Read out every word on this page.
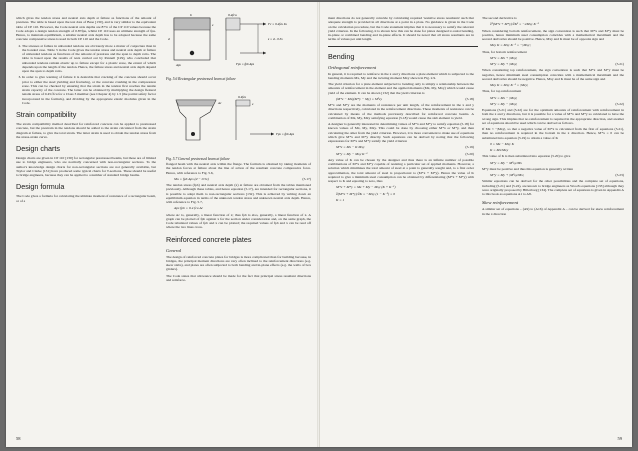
which gives the tendon stress and neutral axis depth at failure as functions of the amount of prestress. The table is based upon the test data of Base [130], and is very similar to the equivalent table of CP 110. However, the Code neutral axis depths are 87% of the CP 110 values because the Code adopts a design tendon strength of 0.87fpu, whilst CP 110 uses an ultimate strength of fpu. Hence, to maintain equilibrium, a smaller neutral axis depth has to be adopted because the same concrete compressive stress is used in both CP 110 and the Code.

2. The stresses at failure in unbonded tendons are obviously more a matter of conjecture than in the bonded case. Table 3 in the Code gives the tendon stress and neutral axis depth at failure of unbonded tendons as functions of the amount of prestress and the span to depth ratio. The table is based upon the results of tests carried out by Pannell [129], who concluded that unbonded tendons remain elastic up to failure except for a plastic zone, the extent of which depends upon the length of the tendon. Hence, the failure stress and neutral axis depth depend upon the span to depth ratio.
3. In order to give warning of failure it is desirable that cracking of the concrete should occur prior to either the steel yielding and fracturing, or the concrete crushing in the compression zone. This can be checked by ensuring that the strain in the tendon first reaches the tensile strain capacity of the concrete. The latter can be obtained by multiplying the design flexural tensile stress of 0.45√fcu for a Class 3 member (see Chapter 4) by 1.5 (the partial safety factor incorporated in the formula), and dividing by the appropriate elastic modulus given in the Code.
Strain compatibility

The strain compatibility method described for reinforced concrete can be applied to prestressed concrete, but the prestrain in the tendons should be added to the strain calculated from the strain diagram at failure, to give the total strain. The latter strain is used to obtain the tendon stress from the stress-strain curve.

Design charts

Design charts are given in CP 110 [130] for rectangular prestressed beams, but these are of limited use to bridge engineers, who are normally concerned with non-rectangular sections. To the author's knowledge design charts for non-rectangular sections are not generally available, but Taylor and Clarke [131] have produced some typical charts for T-sections. These should be useful to bridge engineers, because they can be applied to a number of standard bridge beams.

Design formula

The Code gives a formula for calculating the ultimate moment of resistance of a rectangular beam, or of a

b	0.4fcu
Fc = 0.4fcu bx
z = d - 0.5x
Aps	Fps = fpb Aps
d
x
Fig. 5.6 Rectangular prestressed beam at failure
0.4fcu
Ac	x
Fps = fpb Aps
Fig. 5.7 General prestressed beam at failure

flanged beam with the neutral axis within the flange. The formula is obtained by taking moments of the tendon forces at failure about the line of action of the resultant concrete compressive force. Hence, with reference to Fig. 5.6,

Mu = fpb Aps (d − 0.5x)	(5.17)

The tendon stress (fpb) and neutral axis depth (x) at failure are obtained from the tables mentioned previously. Although these tables, and hence equation (5.17), are intended for rectangular sections, it is possible to adapt them to non-rectangular sections [132]. This is achieved by writing down an equilibrium equation in terms of the unknown tendon stress and unknown neutral axis depth. Hence, with reference to Fig. 5.7,

Aps fpb = 0.4 fcu Ac

where Ac is, generally, a linear function of x; thus fpb is also, generally, a linear function of x. A graph can be plotted of fpb against x for the section under consideration and, on the same graph, the Code tabulated values of fpb and x can be plotted; the required values of fpb and x can be read off where the two lines cross.

Reinforced concrete plates
General

The design of reinforced concrete plates for bridges is more complicated than for building because, in bridges, the principal moment directions are very often inclined to the reinforcement directions (e.g. skew slabs), and plates are often subjected to both bending and in-plane effects (e.g. the walls of box girders).

The Code states that allowance should be made for the fact that principal stress resultant directions and reinforce-

58

ment directions do not generally coincide by calculating required 'resistive stress resultants' such that adequate strength is provided in all directions at a point in a plate. No guidance is given in the Code on the calculation procedure, but the Code statement implies that it is necessary to satisfy the relevant yield criterion. In the following, it is shown how this can be done for plates designed to resist bending, in-plane or combined bending and in-plane effects. It should be noted that all stress resultants are in terms of values per unit length.

Bending
Orthogonal reinforcement

In general, it is required to reinforce in the x and y directions a plate element which is subjected to the bending moments Mx, My and the twisting moment Mxy shown in Fig. 2.9.

The yield criterion for a plate element subjected to bending only is simply a relationship between the amounts of reinforcement in the element and the applied moments (Mx, My, Mxy) which would cause yield of the element. It can be shown [132] that the yield criterion is

(M*x − Mx)(M*y − My) = M²xy	(5.18)

M*x and M*y are the moments of resistance per unit length, of the reinforcement in the x and y directions respectively, calculated in the reinforcement directions. These moments of resistance can be calculated by means of the methods previously described for reinforced concrete beams. A combination of Mx, My, Mxy satisfying equation (5.18) would cause the slab element to yield.

A designer is generally interested in determining values of M*x and M*y to satisfy equation (5.18) for known values of Mx, My, Mxy. This could be done by choosing either M*x or M*y, and then calculating the other from the yield criterion. However, it is more convenient to make use of equations which give M*x and M*y directly. Such equations can be derived by noting that the following expressions for M*x and M*y satisfy the yield criterion

M*x = Mx − K Mxy	(5.19)
M*y = My − Mxy K⁻¹	(5.20)

Any value of K can be chosen by the designer and thus there is an infinite number of possible combinations of M*x and M*y capable of resisting a particular set of applied moments. However, a solution which minimises the total amount of steel at a point is generally sought and, to a first order approximation, the total amount of steel is proportional to (M*x + M*y). Hence the value of K required to give a minimum steel consumption can be obtained by differentiating (M*x + M*y) with respect to K and equating to zero, thus

M*x + M*y = Mx + My − Mxy (K + K⁻¹)
∂(M*x + M*y)/∂K = −Mxy (1 − K⁻²) = 0
K = 1

The second derivative is

∂²(M*x + M*y)/∂K² = −2Mxy K⁻³

When considering bottom reinforcement, the sign convention is such that M*x and M*y must be positive, hence minimum steel consumption coincides with a mathematical maximum and the second derivative should be positive. Hence, Mxy and K must be of opposite sign and

Mxy K = Mxy K⁻¹ = −|Mxy|

Thus, for bottom reinforcement

M*x = Mx + |Mxy|
M*y = My + |Mxy|	(5.21)

When considering top reinforcement, the sign convention is such that M*x and M*y must be negative, hence minimum steel consumption coincides with a mathematical maximum and the second derivative should be negative. Hence, Mxy and K must be of the same sign and

Mxy K = Mxy K⁻¹ = |Mxy|

Thus, for top reinforcement

M*x = Mx − |Mxy|
M*y = My − |Mxy|	(5.22)

Equations (5.21) and (5.22) are for the optimum amounts of reinforcement with reinforcement in both the x and y directions, but it is possible for a value of M*x and M*y so calculated to have the wrong sign. This implies that no reinforcement is required in the appropriate direction, and another set of equations should be used which can be derived as follows.

If Mx < −|Mxy|, so that a negative value of M*x is calculated from the first of equations (5.21), then no reinforcement is required in the bottom in the x direction. Hence, M*x = 0 can be substituted into equation (5.19) to obtain a value of K

0 = Mx − Mxy K
K = Mx/Mxy

This value of K is then substituted into equation (5.20) to give

M*y = My − M²xy/Mx

M*y must be positive and thus this equation is generally written

M*y = My + |M²xy/Mx|	(5.23)

Similar equations can be derived for the other possibilities and the complete set of equations, including (5.21) and (5.22), are known to bridge engineers as Wood's equations [133] although they were originally proposed by Hillerborg [134]. The complete set of equations is given in Appendix A to this book as equations A1 to A8.

Skew reinforcement

A similar set of equations – (A9) to (A16) of Appendix A – can be derived for skew reinforcement in the x direction

59
